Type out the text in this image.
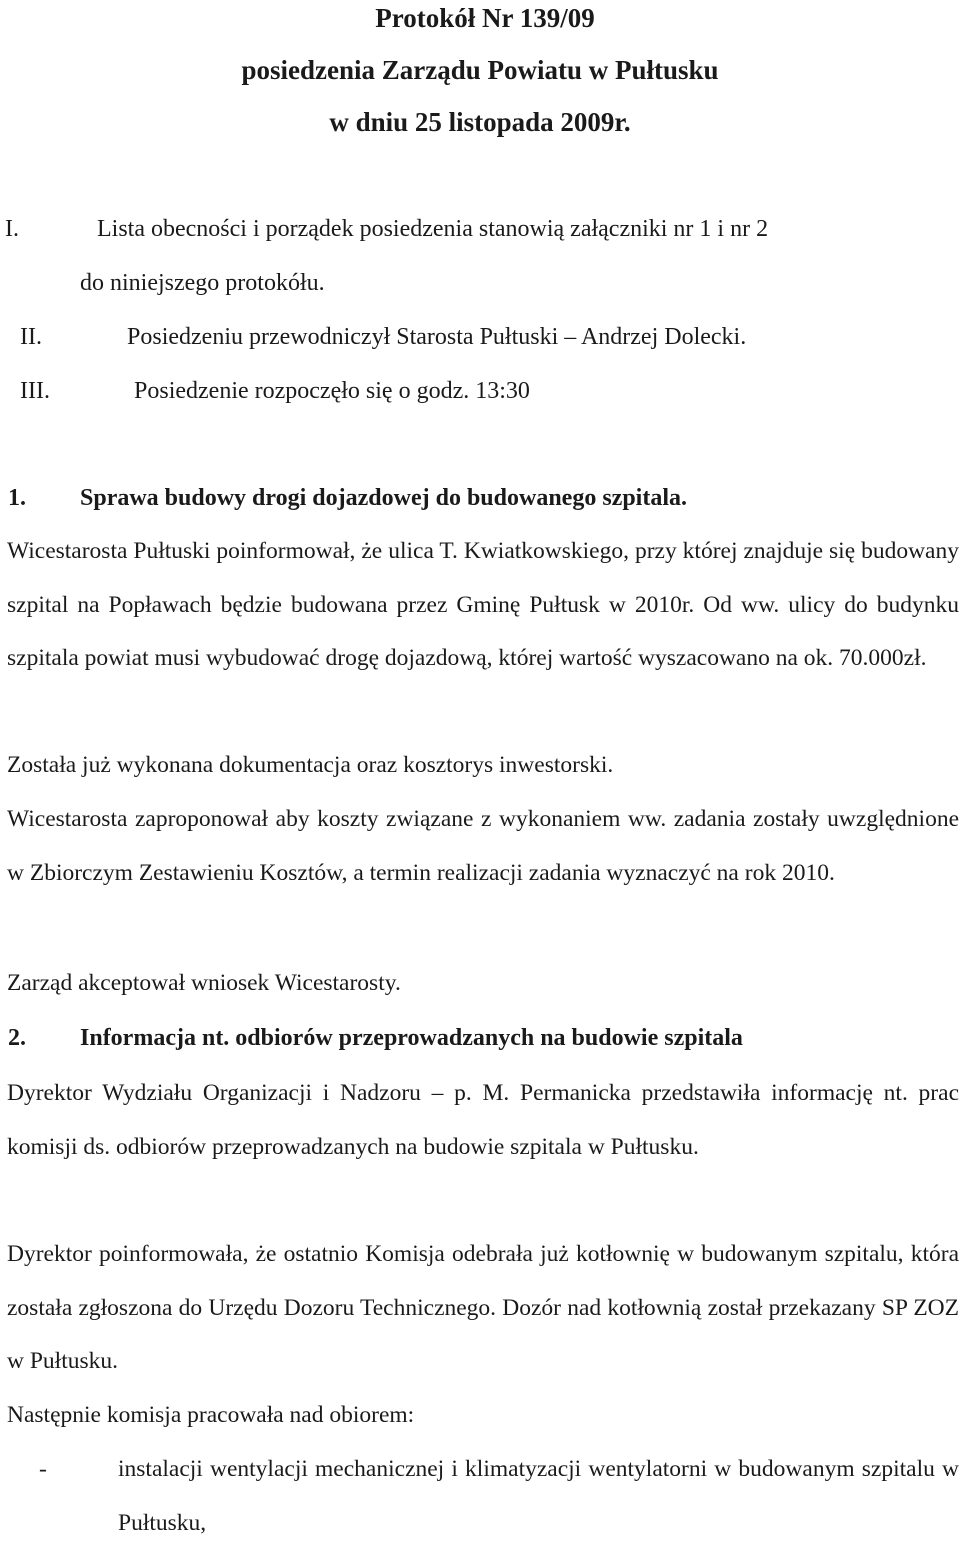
Protokół Nr 139/09

posiedzenia Zarządu Powiatu w Pułtusku

w dniu 25 listopada 2009r.

I.	Lista obecności i porządek posiedzenia stanowią załączniki nr 1 i nr 2
do niniejszego protokółu.
II.	Posiedzeniu przewodniczył Starosta Pułtuski – Andrzej Dolecki.
III.	Posiedzenie rozpoczęło się o godz. 13:30
1. Sprawa budowy drogi dojazdowej do budowanego szpitala.

Wicestarosta Pułtuski poinformował, że ulica T. Kwiatkowskiego, przy której znajduje się budowany szpital na Popławach będzie budowana przez Gminę Pułtusk w 2010r. Od ww. ulicy do budynku szpitala powiat musi wybudować drogę dojazdową, której wartość wyszacowano na ok. 70.000zł.

Została już wykonana dokumentacja oraz kosztorys inwestorski.

Wicestarosta zaproponował aby koszty związane z wykonaniem ww. zadania zostały uwzględnione w Zbiorczym Zestawieniu Kosztów, a termin realizacji zadania wyznaczyć na rok 2010.

Zarząd akceptował wniosek Wicestarosty.

2. Informacja nt. odbiorów przeprowadzanych na budowie szpitala

Dyrektor Wydziału Organizacji i Nadzoru – p. M. Permanicka przedstawiła informację nt. prac komisji ds. odbiorów przeprowadzanych na budowie szpitala w Pułtusku.

Dyrektor poinformowała, że ostatnio Komisja odebrała już kotłownię w budowanym szpitalu, która została zgłoszona do Urzędu Dozoru Technicznego. Dozór nad kotłownią został przekazany SP ZOZ w Pułtusku.

Następnie komisja pracowała nad obiorem:

-	instalacji wentylacji mechanicznej i klimatyzacji wentylatorni w budowanym szpitalu w Pułtusku,
